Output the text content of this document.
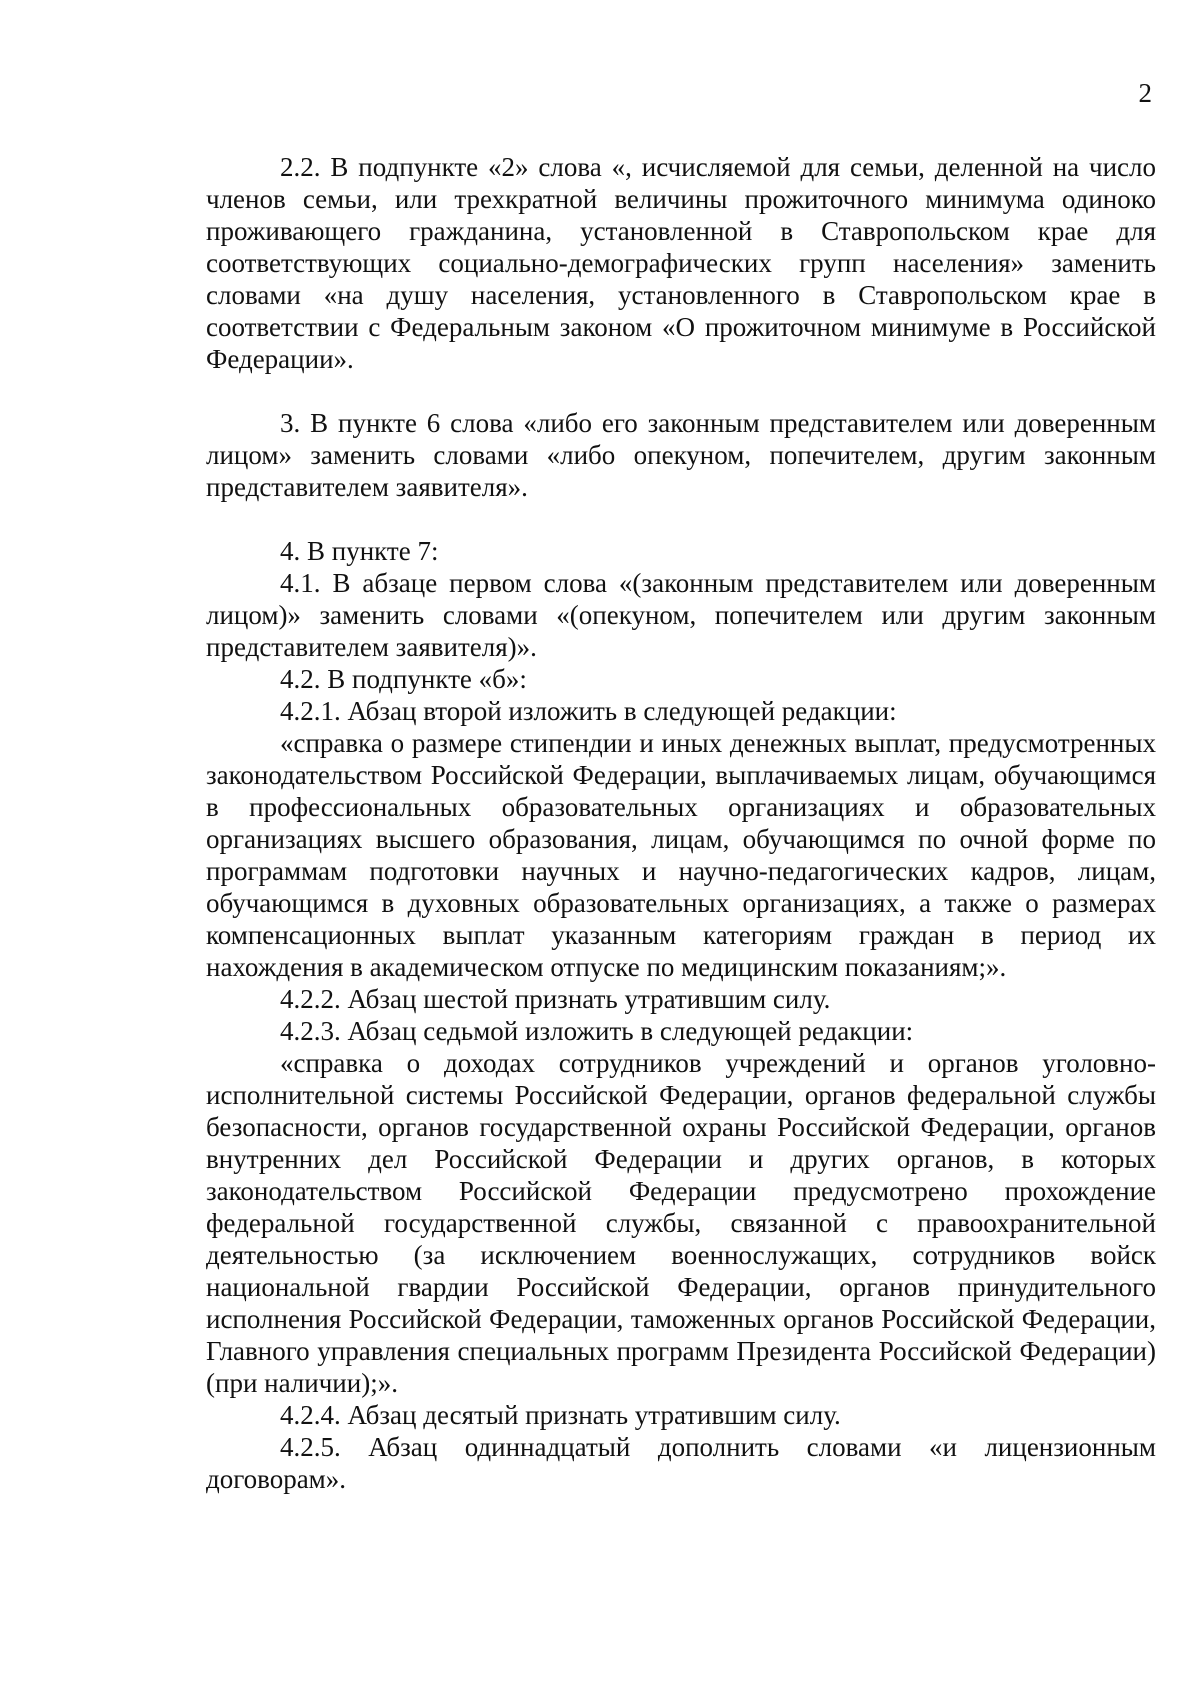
2

2.2. В подпункте «2» слова «, исчисляемой для семьи, деленной на число членов семьи, или трехкратной величины прожиточного минимума одиноко проживающего гражданина, установленной в Ставропольском крае для соответствующих социально-демографических групп населения» заменить словами «на душу населения, установленного в Ставропольском крае в соответствии с Федеральным законом «О прожиточном минимуме в Российской Федерации».

3. В пункте 6 слова «либо его законным представителем или доверенным лицом» заменить словами «либо опекуном, попечителем, другим законным представителем заявителя».

4. В пункте 7:

4.1. В абзаце первом слова «(законным представителем или доверенным лицом)» заменить словами «(опекуном, попечителем или другим законным представителем заявителя)».

4.2. В подпункте «б»:

4.2.1. Абзац второй изложить в следующей редакции:

«справка о размере стипендии и иных денежных выплат, предусмотренных законодательством Российской Федерации, выплачиваемых лицам, обучающимся в профессиональных образовательных организациях и образовательных организациях высшего образования, лицам, обучающимся по очной форме по программам подготовки научных и научно-педагогических кадров, лицам, обучающимся в духовных образовательных организациях, а также о размерах компенсационных выплат указанным категориям граждан в период их нахождения в академическом отпуске по медицинским показаниям;».

4.2.2. Абзац шестой признать утратившим силу.

4.2.3. Абзац седьмой изложить в следующей редакции:

«справка о доходах сотрудников учреждений и органов уголовно-исполнительной системы Российской Федерации, органов федеральной службы безопасности, органов государственной охраны Российской Федерации, органов внутренних дел Российской Федерации и других органов, в которых законодательством Российской Федерации предусмотрено прохождение федеральной государственной службы, связанной с правоохранительной деятельностью (за исключением военнослужащих, сотрудников войск национальной гвардии Российской Федерации, органов принудительного исполнения Российской Федерации, таможенных органов Российской Федерации, Главного управления специальных программ Президента Российской Федерации) (при наличии);».

4.2.4. Абзац десятый признать утратившим силу.

4.2.5. Абзац одиннадцатый дополнить словами «и лицензионным договорам».
